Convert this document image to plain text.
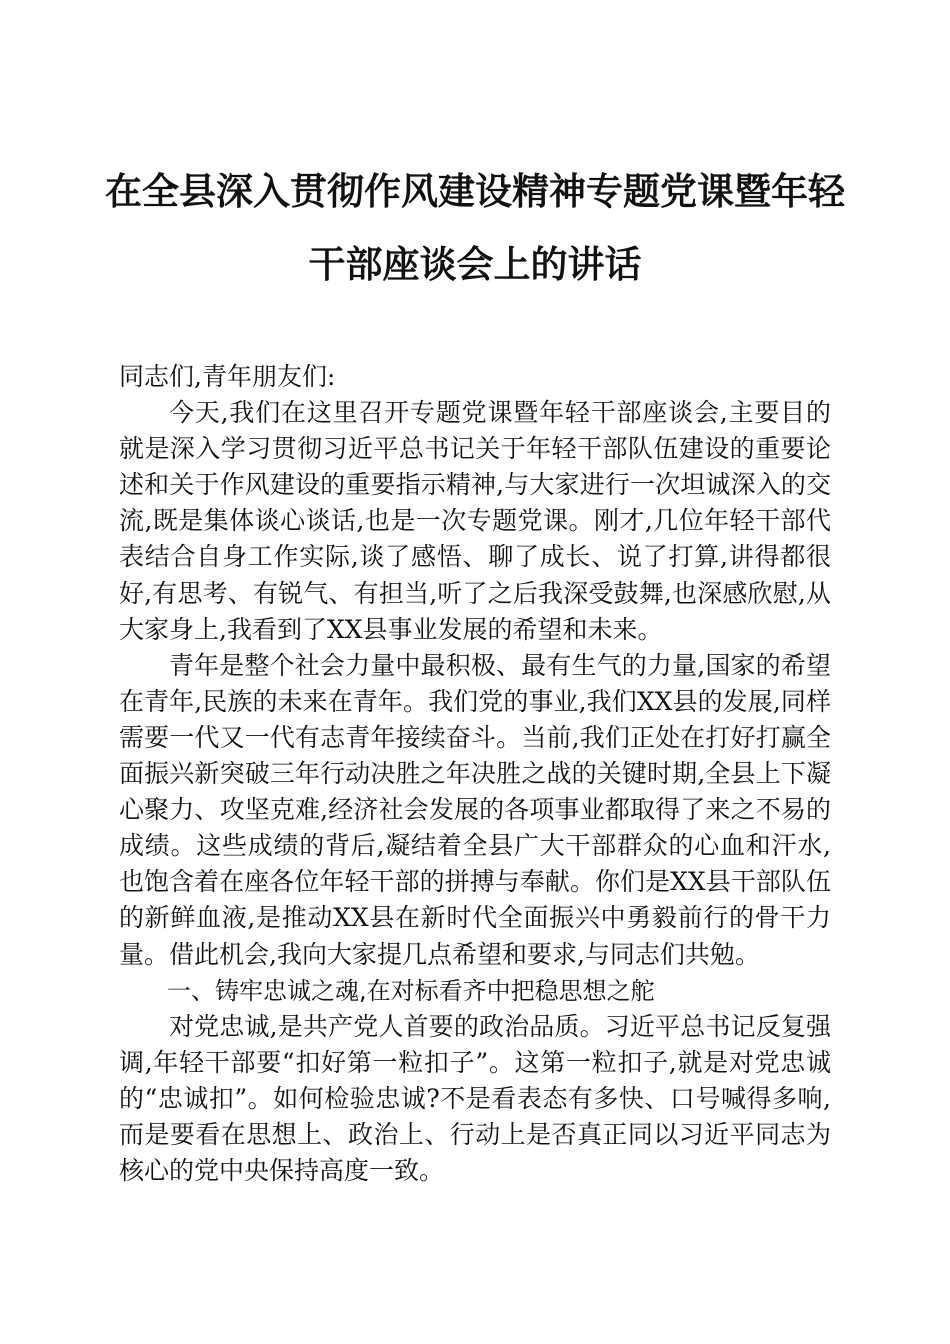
在全县深入贯彻作风建设精神专题党课暨年轻
干部座谈会上的讲话

同志们,青年朋友们:

今天,我们在这里召开专题党课暨年轻干部座谈会,主要目的就是深入学习贯彻习近平总书记关于年轻干部队伍建设的重要论述和关于作风建设的重要指示精神,与大家进行一次坦诚深入的交流,既是集体谈心谈话,也是一次专题党课。刚才,几位年轻干部代表结合自身工作实际,谈了感悟、聊了成长、说了打算,讲得都很好,有思考、有锐气、有担当,听了之后我深受鼓舞,也深感欣慰,从大家身上,我看到了XX县事业发展的希望和未来。

青年是整个社会力量中最积极、最有生气的力量,国家的希望在青年,民族的未来在青年。我们党的事业,我们XX县的发展,同样需要一代又一代有志青年接续奋斗。当前,我们正处在打好打赢全面振兴新突破三年行动决胜之年决胜之战的关键时期,全县上下凝心聚力、攻坚克难,经济社会发展的各项事业都取得了来之不易的成绩。这些成绩的背后,凝结着全县广大干部群众的心血和汗水,也饱含着在座各位年轻干部的拼搏与奉献。你们是XX县干部队伍的新鲜血液,是推动XX县在新时代全面振兴中勇毅前行的骨干力量。借此机会,我向大家提几点希望和要求,与同志们共勉。

一、铸牢忠诚之魂,在对标看齐中把稳思想之舵

对党忠诚,是共产党人首要的政治品质。习近平总书记反复强调,年轻干部要“扣好第一粒扣子”。这第一粒扣子,就是对党忠诚的“忠诚扣”。如何检验忠诚?不是看表态有多快、口号喊得多响,而是要看在思想上、政治上、行动上是否真正同以习近平同志为核心的党中央保持高度一致。
